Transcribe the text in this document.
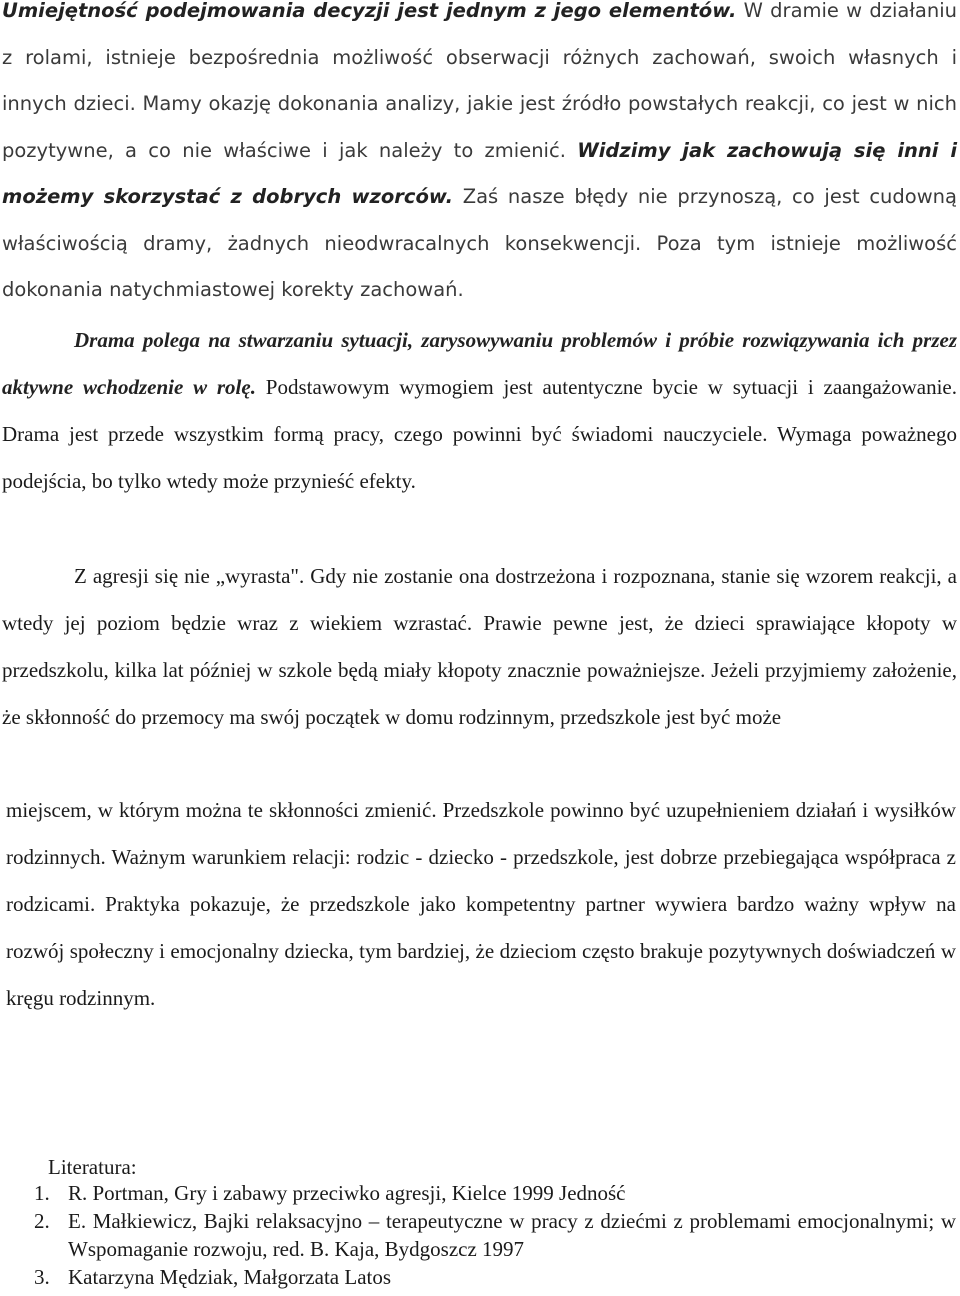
Umiejętność podejmowania decyzji jest jednym z jego elementów. W dramie w działaniu z rolami, istnieje bezpośrednia możliwość obserwacji różnych zachowań, swoich własnych i innych dzieci. Mamy okazję dokonania analizy, jakie jest źródło powstałych reakcji, co jest w nich pozytywne, a co nie właściwe i jak należy to zmienić. Widzimy jak zachowują się inni i możemy skorzystać z dobrych wzorców. Zaś nasze błędy nie przynoszą, co jest cudowną właściwością dramy, żadnych nieodwracalnych konsekwencji. Poza tym istnieje możliwość dokonania natychmiastowej korekty zachowań.

Drama polega na stwarzaniu sytuacji, zarysowywaniu problemów i próbie rozwiązywania ich przez aktywne wchodzenie w rolę. Podstawowym wymogiem jest autentyczne bycie w sytuacji i zaangażowanie. Drama jest przede wszystkim formą pracy, czego powinni być świadomi nauczyciele. Wymaga poważnego podejścia, bo tylko wtedy może przynieść efekty.

Z agresji się nie „wyrasta". Gdy nie zostanie ona dostrzeżona i rozpoznana, stanie się wzorem reakcji, a wtedy jej poziom będzie wraz z wiekiem wzrastać. Prawie pewne jest, że dzieci sprawiające kłopoty w przedszkolu, kilka lat później w szkole będą miały kłopoty znacznie poważniejsze. Jeżeli przyjmiemy założenie, że skłonność do przemocy ma swój początek w domu rodzinnym, przedszkole jest być może

miejscem, w którym można te skłonności zmienić. Przedszkole powinno być uzupełnieniem działań i wysiłków rodzinnych. Ważnym warunkiem relacji: rodzic - dziecko - przedszkole, jest dobrze przebiegająca współpraca z rodzicami. Praktyka pokazuje, że przedszkole jako kompetentny partner wywiera bardzo ważny wpływ na rozwój społeczny i emocjonalny dziecka, tym bardziej, że dzieciom często brakuje pozytywnych doświadczeń w kręgu rodzinnym.

Literatura:
1. R. Portman, Gry i zabawy przeciwko agresji, Kielce 1999 Jedność
2. E. Małkiewicz, Bajki relaksacyjno – terapeutyczne w pracy z dziećmi z problemami emocjonalnymi; w Wspomaganie rozwoju, red. B. Kaja, Bydgoszcz 1997
3. Katarzyna Mędziak, Małgorzata Latos
